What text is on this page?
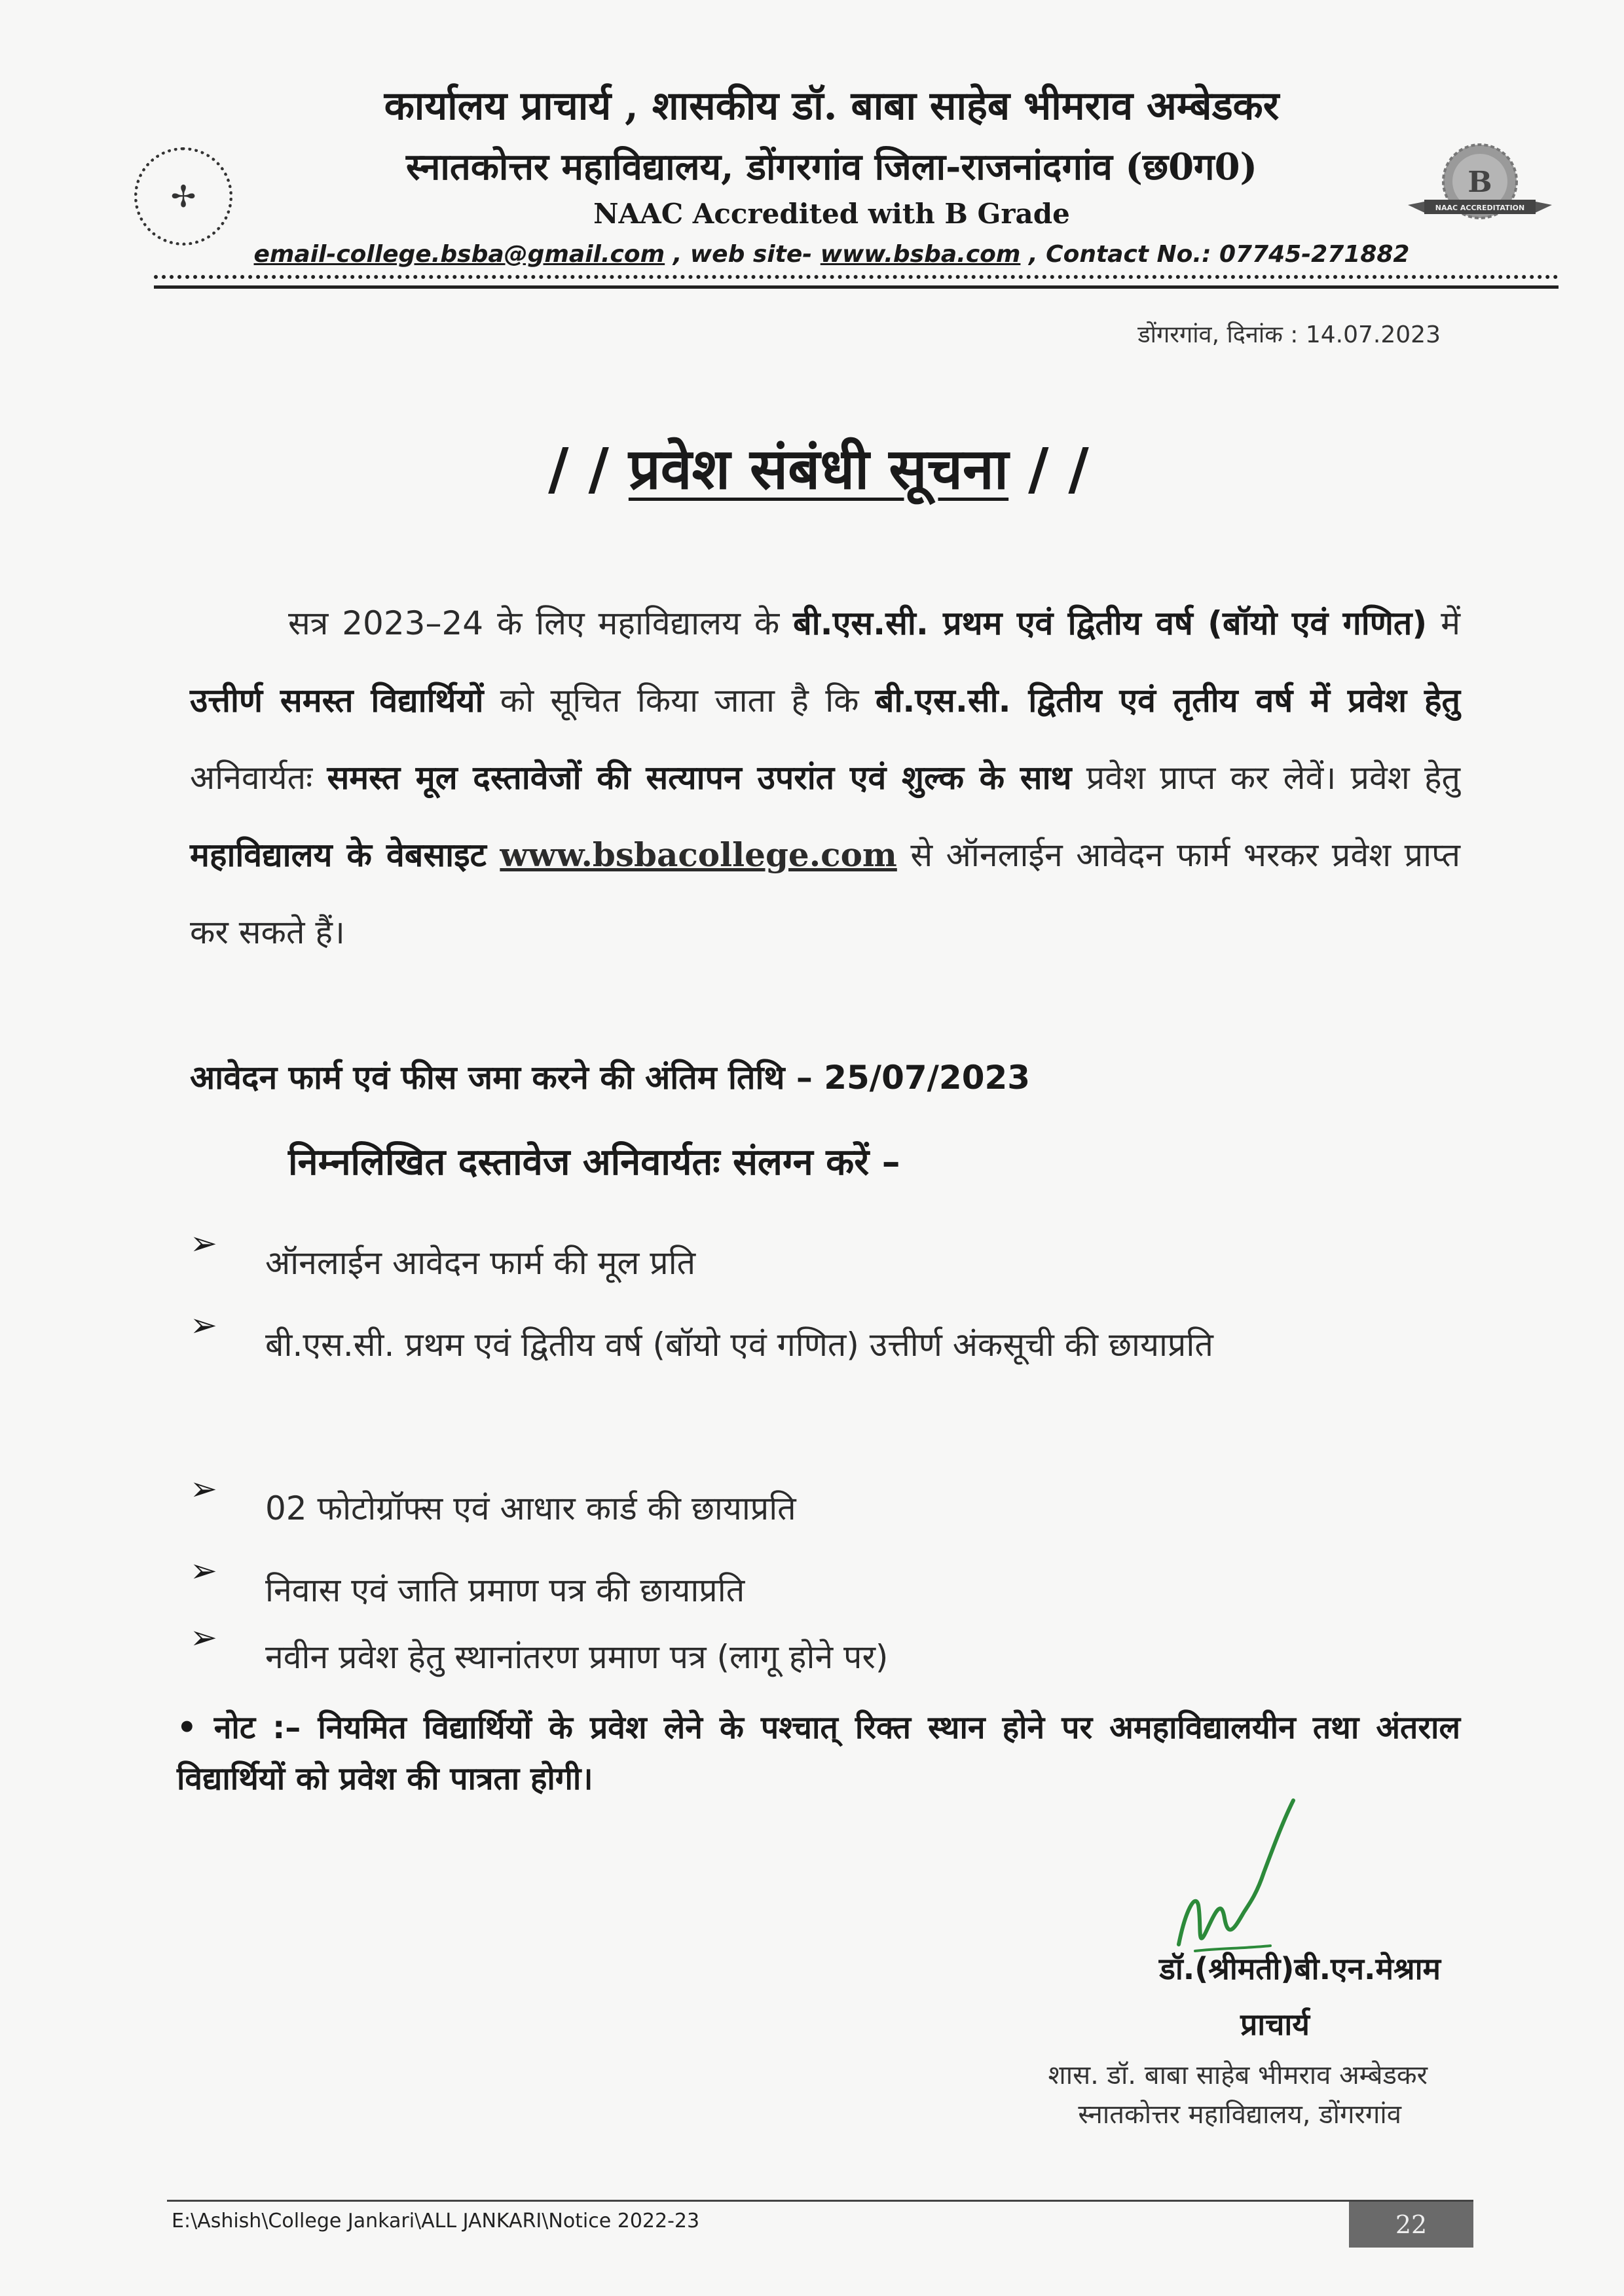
✢
कार्यालय प्राचार्य , शासकीय डॉ. बाबा साहेब भीमराव अम्बेडकर
स्नातकोत्तर महाविद्यालय, डोंगरगांव जिला-राजनांदगांव (छ0ग0)
NAAC Accredited with B Grade
email-college.bsba@gmail.com , web site- www.bsba.com , Contact No.: 07745-271882
B
NAAC ACCREDITATION
डोंगरगांव, दिनांक : 14.07.2023
/ / प्रवेश संबंधी सूचना / /
सत्र 2023–24 के लिए महाविद्यालय के बी.एस.सी. प्रथम एवं द्वितीय वर्ष (बॉयो एवं गणित) में उत्तीर्ण समस्त विद्यार्थियों को सूचित किया जाता है कि बी.एस.सी. द्वितीय एवं तृतीय वर्ष में प्रवेश हेतु अनिवार्यतः समस्त मूल दस्तावेजों की सत्यापन उपरांत एवं शुल्क के साथ प्रवेश प्राप्त कर लेवें। प्रवेश हेतु महाविद्यालय के वेबसाइट www.bsbacollege.com से ऑनलाईन आवेदन फार्म भरकर प्रवेश प्राप्त कर सकते हैं।
आवेदन फार्म एवं फीस जमा करने की अंतिम तिथि – 25/07/2023
निम्नलिखित दस्तावेज अनिवार्यतः संलग्न करें –
➢
ऑनलाईन आवेदन फार्म की मूल प्रति
➢
बी.एस.सी. प्रथम एवं द्वितीय वर्ष (बॉयो एवं गणित) उत्तीर्ण अंकसूची की छायाप्रति
➢
02 फोटोग्रॉफ्स एवं आधार कार्ड की छायाप्रति
➢
निवास एवं जाति प्रमाण पत्र की छायाप्रति
➢
नवीन प्रवेश हेतु स्थानांतरण प्रमाण पत्र (लागू होने पर)
• नोट :– नियमित विद्यार्थियों के प्रवेश लेने के पश्चात् रिक्त स्थान होने पर अमहाविद्यालयीन तथा अंतराल विद्यार्थियों को प्रवेश की पात्रता होगी।
डॉ.(श्रीमती)बी.एन.मेश्राम
प्राचार्य
शास. डॉ. बाबा साहेब भीमराव अम्बेडकर
स्नातकोत्तर महाविद्यालय, डोंगरगांव
E:\Ashish\College Jankari\ALL JANKARI\Notice 2022-23	22
